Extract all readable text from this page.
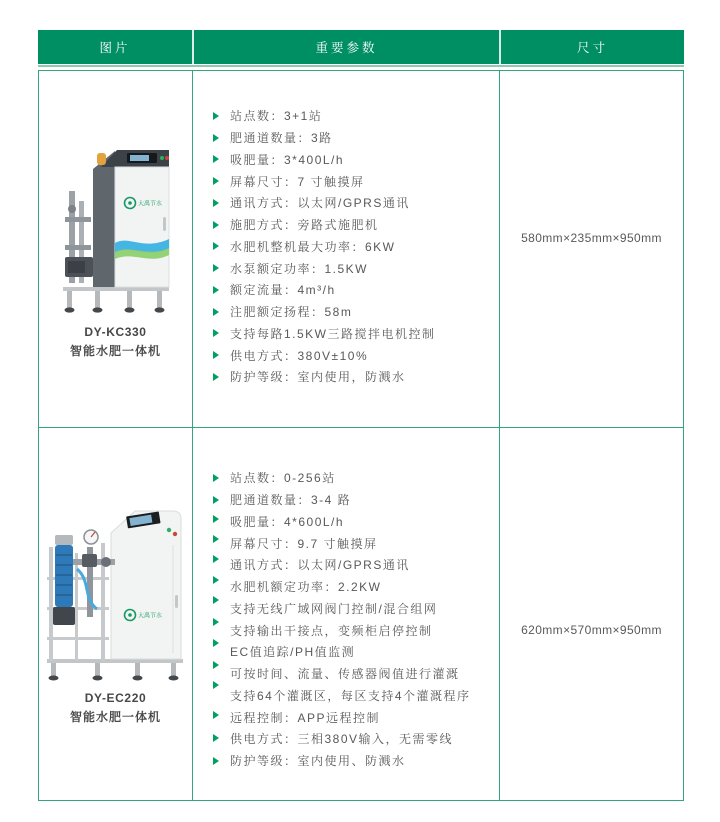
图片	重要参数	尺寸
大禹节水
DY-KC330
智能水肥一体机
站点数：3+1站
肥通道数量：3路
吸肥量：3*400L/h
屏幕尺寸：7 寸触摸屏
通讯方式：以太网/GPRS通讯
施肥方式：旁路式施肥机
水肥机整机最大功率：6KW
水泵额定功率：1.5KW
额定流量：4m³/h
注肥额定扬程：58m
支持每路1.5KW三路搅拌电机控制
供电方式：380V±10%
防护等级：室内使用，防溅水
580mm×235mm×950mm
大禹节水
DY-EC220
智能水肥一体机
站点数：0-256站
肥通道数量：3-4 路
吸肥量：4*600L/h
屏幕尺寸：9.7 寸触摸屏
通讯方式：以太网/GPRS通讯
水肥机额定功率：2.2KW
支持无线广域网阀门控制/混合组网
支持输出干接点，变频柜启停控制
EC值追踪/PH值监测
可按时间、流量、传感器阀值进行灌溉
支持64个灌溉区，每区支持4个灌溉程序
远程控制：APP远程控制
供电方式：三相380V输入，无需零线
防护等级：室内使用、防溅水
620mm×570mm×950mm
